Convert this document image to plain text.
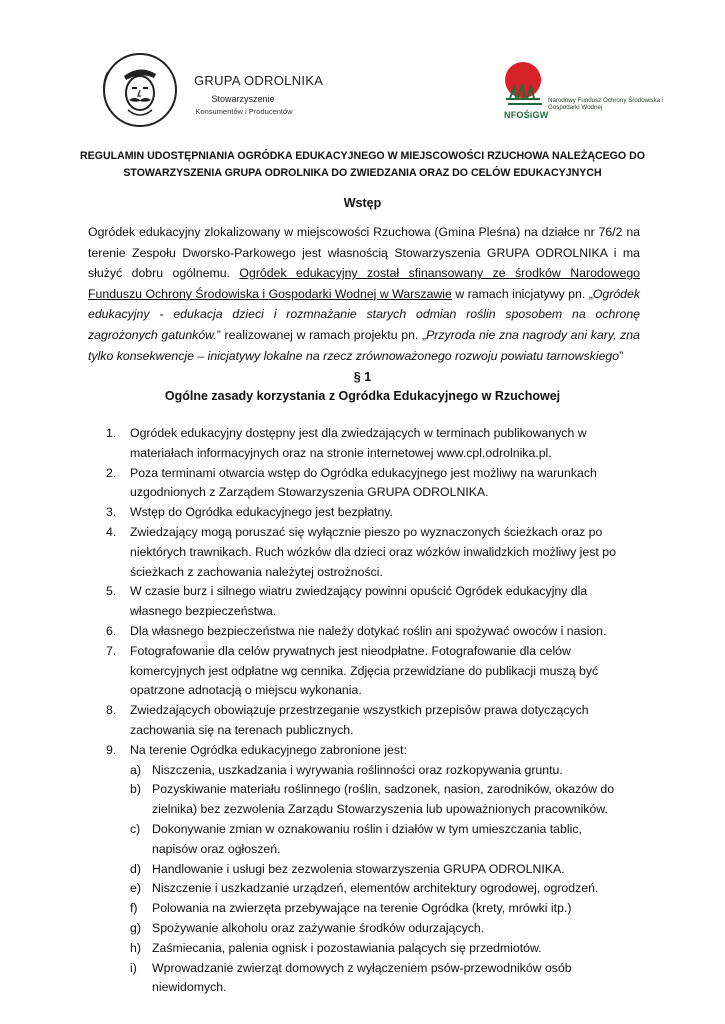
GRUPA ODROLNIKA
Stowarzyszenie
Konsumentów i Producentów	NFOŚiGW
Narodowy Fundusz Ochrony Środowiska i Gospodarki Wodnej
REGULAMIN UDOSTĘPNIANIA OGRÓDKA EDUKACYJNEGO W MIEJSCOWOŚCI RZUCHOWA NALEŻĄCEGO DO STOWARZYSZENIA GRUPA ODROLNIKA DO ZWIEDZANIA ORAZ DO CELÓW EDUKACYJNYCH
Wstęp
Ogródek edukacyjny zlokalizowany w miejscowości Rzuchowa (Gmina Pleśna) na działce nr 76/2 na terenie Zespołu Dworsko-Parkowego jest własnością Stowarzyszenia GRUPA ODROLNIKA i ma służyć dobru ogólnemu. Ogródek edukacyjny został sfinansowany ze środków Narodowego Funduszu Ochrony Środowiska i Gospodarki Wodnej w Warszawie w ramach inicjatywy pn. „Ogródek edukacyjny - edukacja dzieci i rozmnażanie starych odmian roślin sposobem na ochronę zagrożonych gatunków.” realizowanej w ramach projektu pn. „Przyroda nie zna nagrody ani kary, zna tylko konsekwencje – inicjatywy lokalne na rzecz zrównoważonego rozwoju powiatu tarnowskiego”
§ 1
Ogólne zasady korzystania z Ogródka Edukacyjnego w Rzuchowej
1. Ogródek edukacyjny dostępny jest dla zwiedzających w terminach publikowanych w materiałach informacyjnych oraz na stronie internetowej www.cpl.odrolnika.pl.
2. Poza terminami otwarcia wstęp do Ogródka edukacyjnego jest możliwy na warunkach uzgodnionych z Zarządem Stowarzyszenia GRUPA ODROLNIKA.
3. Wstęp do Ogródka edukacyjnego jest bezpłatny.
4. Zwiedzający mogą poruszać się wyłącznie pieszo po wyznaczonych ścieżkach oraz po niektórych trawnikach. Ruch wózków dla dzieci oraz wózków inwalidzkich możliwy jest po ścieżkach z zachowania należytej ostrożności.
5. W czasie burz i silnego wiatru zwiedzający powinni opuścić Ogródek edukacyjny dla własnego bezpieczeństwa.
6. Dla własnego bezpieczeństwa nie należy dotykać roślin ani spożywać owoców i nasion.
7. Fotografowanie dla celów prywatnych jest nieodpłatne. Fotografowanie dla celów komercyjnych jest odpłatne wg cennika. Zdjęcia przewidziane do publikacji muszą być opatrzone adnotacją o miejscu wykonania.
8. Zwiedzających obowiązuje przestrzeganie wszystkich przepisów prawa dotyczących zachowania się na terenach publicznych.
9. Na terenie Ogródka edukacyjnego zabronione jest:
a) Niszczenia, uszkadzania i wyrywania roślinności oraz rozkopywania gruntu.
b) Pozyskiwanie materiału roślinnego (roślin, sadzonek, nasion, zarodników, okazów do zielnika) bez zezwolenia Zarządu Stowarzyszenia lub upoważnionych pracowników.
c) Dokonywanie zmian w oznakowaniu roślin i działów w tym umieszczania tablic, napisów oraz ogłoszeń.
d) Handlowanie i usługi bez zezwolenia stowarzyszenia GRUPA ODROLNIKA.
e) Niszczenie i uszkadzanie urządzeń, elementów architektury ogrodowej, ogrodzeń.
f) Polowania na zwierzęta przebywające na terenie Ogródka (krety, mrówki itp.)
g) Spożywanie alkoholu oraz zażywanie środków odurzających.
h) Zaśmiecania, palenia ognisk i pozostawiania palących się przedmiotów.
i) Wprowadzanie zwierząt domowych z wyłączeniem psów-przewodników osób niewidomych.
